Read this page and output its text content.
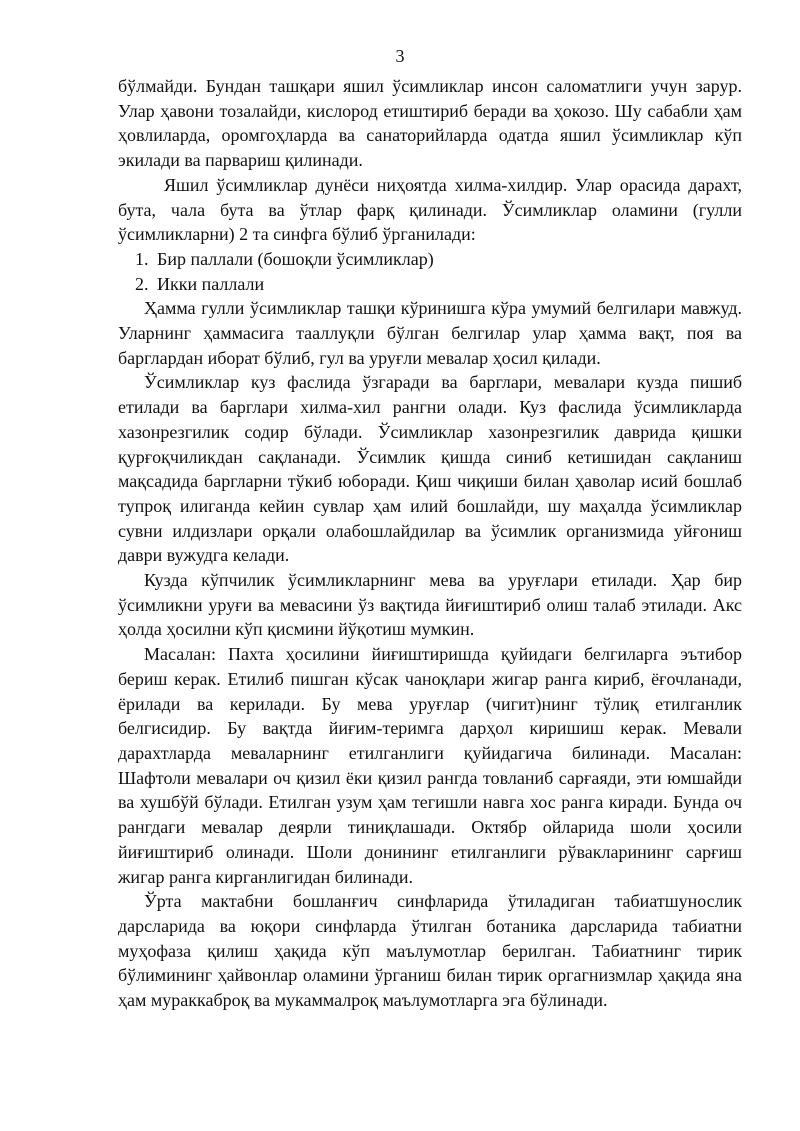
3

бўлмайди. Бундан ташқари яшил ўсимликлар инсон саломатлиги учун зарур. Улар ҳавони тозалайди, кислород етиштириб беради ва ҳокозо. Шу сабабли ҳам ҳовлиларда, оромгоҳларда ва санаторийларда одатда яшил ўсимликлар кўп экилади ва парвариш қилинади.

Яшил ўсимликлар дунёси ниҳоятда хилма-хилдир. Улар орасида дарахт, бута, чала бута ва ўтлар фарқ қилинади. Ўсимликлар оламини (гулли ўсимликларни) 2 та синфга бўлиб ўрганилади:

1. Бир паллали (бошоқли ўсимликлар)
2. Икки паллали

Ҳамма гулли ўсимликлар ташқи кўринишга кўра умумий белгилари мавжуд. Уларнинг ҳаммасига тааллуқли бўлган белгилар улар ҳамма вақт, поя ва барглардан иборат бўлиб, гул ва уруғли мевалар ҳосил қилади.

Ўсимликлар куз фаслида ўзгаради ва барглари, мевалари кузда пишиб етилади ва барглари хилма-хил рангни олади. Куз фаслида ўсимликларда хазонрезгилик содир бўлади. Ўсимликлар хазонрезгилик даврида қишки қурғоқчиликдан сақланади. Ўсимлик қишда синиб кетишидан сақланиш мақсадида баргларни тўкиб юборади. Қиш чиқиши билан ҳаволар исий бошлаб тупроқ илиганда кейин сувлар ҳам илий бошлайди, шу маҳалда ўсимликлар сувни илдизлари орқали олабошлайдилар ва ўсимлик организмида уйғониш даври вужудга келади.

Кузда кўпчилик ўсимликларнинг мева ва уруғлари етилади. Ҳар бир ўсимликни уруғи ва мевасини ўз вақтида йиғиштириб олиш талаб этилади. Акс ҳолда ҳосилни кўп қисмини йўқотиш мумкин.

Масалан: Пахта ҳосилини йиғиштиришда қуйидаги белгиларга эътибор бериш керак. Етилиб пишган кўсак чаноқлари жигар ранга кириб, ёғочланади, ёрилади ва керилади. Бу мева уруғлар (чигит)нинг тўлиқ етилганлик белгисидир. Бу вақтда йиғим-теримга дарҳол киришиш керак. Мевали дарахтларда меваларнинг етилганлиги қуйидагича билинади. Масалан: Шафтоли мевалари оч қизил ёки қизил рангда товланиб сарғаяди, эти юмшайди ва хушбўй бўлади. Етилган узум ҳам тегишли навга хос ранга киради. Бунда оч рангдаги мевалар деярли тиниқлашади. Октябр ойларида шоли ҳосили йиғиштириб олинади. Шоли донининг етилганлиги рўвакларининг сарғиш жигар ранга кирганлигидан билинади.

Ўрта мактабни бошланғич синфларида ўтиладиган табиатшунослик дарсларида ва юқори синфларда ўтилган ботаника дарсларида табиатни муҳофаза қилиш ҳақида кўп маълумотлар берилган. Табиатнинг тирик бўлимининг ҳайвонлар оламини ўрганиш билан тирик оргагнизмлар ҳақида яна ҳам мураккаброқ ва мукаммалроқ маълумотларга эга бўлинади.
